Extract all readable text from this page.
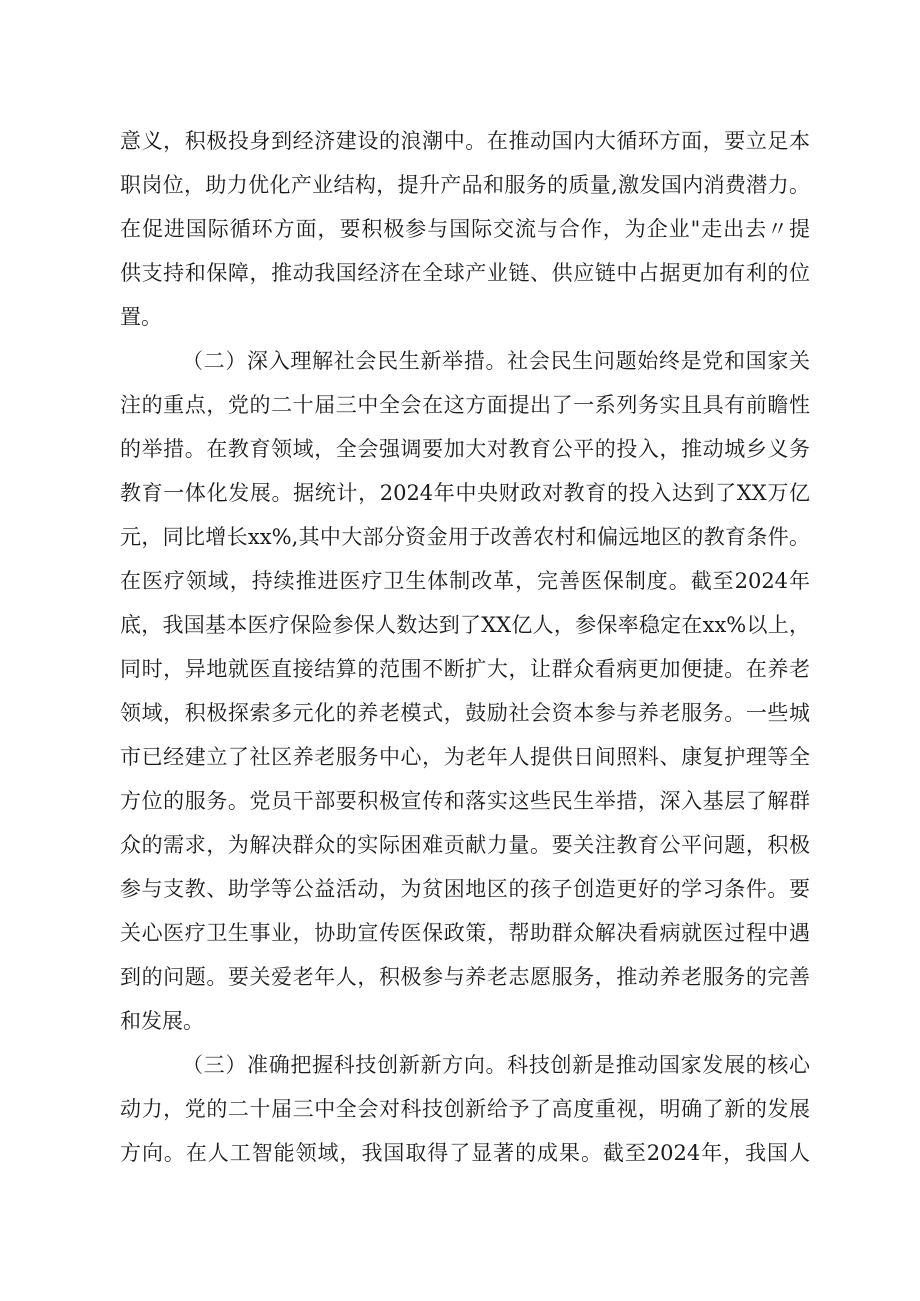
意义，积极投身到经济建设的浪潮中。在推动国内大循环方面，要立足本
职岗位，助力优化产业结构，提升产品和服务的质量,激发国内消费潜力。
在促进国际循环方面，要积极参与国际交流与合作，为企业"走出去〃提
供支持和保障，推动我国经济在全球产业链、供应链中占据更加有利的位
置。
（二）深入理解社会民生新举措。社会民生问题始终是党和国家关
注的重点，党的二十届三中全会在这方面提出了一系列务实且具有前瞻性
的举措。在教育领域，全会强调要加大对教育公平的投入，推动城乡义务
教育一体化发展。据统计，2024年中央财政对教育的投入达到了XX万亿
元，同比增长xx%,其中大部分资金用于改善农村和偏远地区的教育条件。
在医疗领域，持续推进医疗卫生体制改革，完善医保制度。截至2024年
底，我国基本医疗保险参保人数达到了XX亿人，参保率稳定在xx%以上，
同时，异地就医直接结算的范围不断扩大，让群众看病更加便捷。在养老
领域，积极探索多元化的养老模式，鼓励社会资本参与养老服务。一些城
市已经建立了社区养老服务中心，为老年人提供日间照料、康复护理等全
方位的服务。党员干部要积极宣传和落实这些民生举措，深入基层了解群
众的需求，为解决群众的实际困难贡献力量。要关注教育公平问题，积极
参与支教、助学等公益活动，为贫困地区的孩子创造更好的学习条件。要
关心医疗卫生事业，协助宣传医保政策，帮助群众解决看病就医过程中遇
到的问题。要关爱老年人，积极参与养老志愿服务，推动养老服务的完善
和发展。
（三）准确把握科技创新新方向。科技创新是推动国家发展的核心
动力，党的二十届三中全会对科技创新给予了高度重视，明确了新的发展
方向。在人工智能领域，我国取得了显著的成果。截至2024年，我国人
